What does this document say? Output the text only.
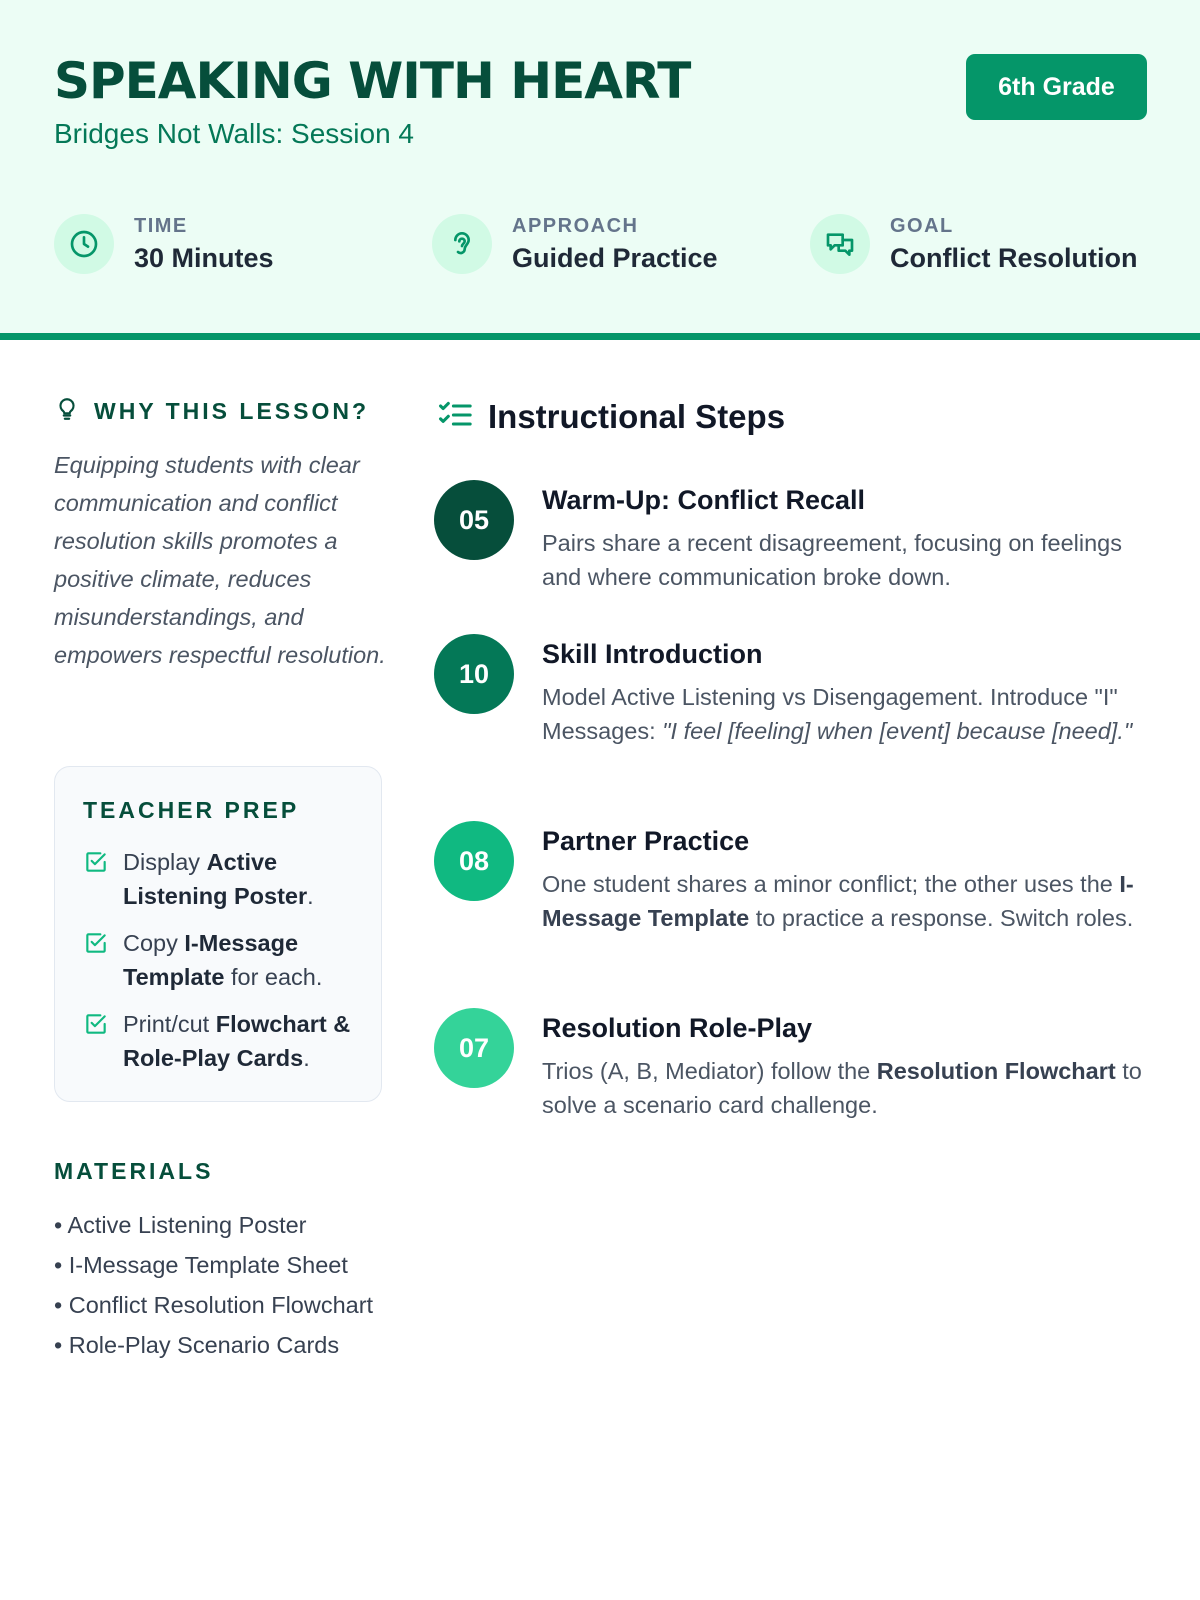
SPEAKING WITH HEART
Bridges Not Walls: Session 4
6th Grade
TIME
30 Minutes
APPROACH
Guided Practice
GOAL
Conflict Resolution
WHY THIS LESSON?
Equipping students with clear communication and conflict resolution skills promotes a positive climate, reduces misunderstandings, and empowers respectful resolution.
TEACHER PREP
Display Active Listening Poster.
Copy I-Message Template for each.
Print/cut Flowchart & Role-Play Cards.
MATERIALS
• Active Listening Poster
• I-Message Template Sheet
• Conflict Resolution Flowchart
• Role-Play Scenario Cards
Instructional Steps
05
Warm-Up: Conflict Recall
Pairs share a recent disagreement, focusing on feelings and where communication broke down.
10
Skill Introduction
Model Active Listening vs Disengagement. Introduce "I" Messages: "I feel [feeling] when [event] because [need]."
08
Partner Practice
One student shares a minor conflict; the other uses the I-Message Template to practice a response. Switch roles.
07
Resolution Role-Play
Trios (A, B, Mediator) follow the Resolution Flowchart to solve a scenario card challenge.
